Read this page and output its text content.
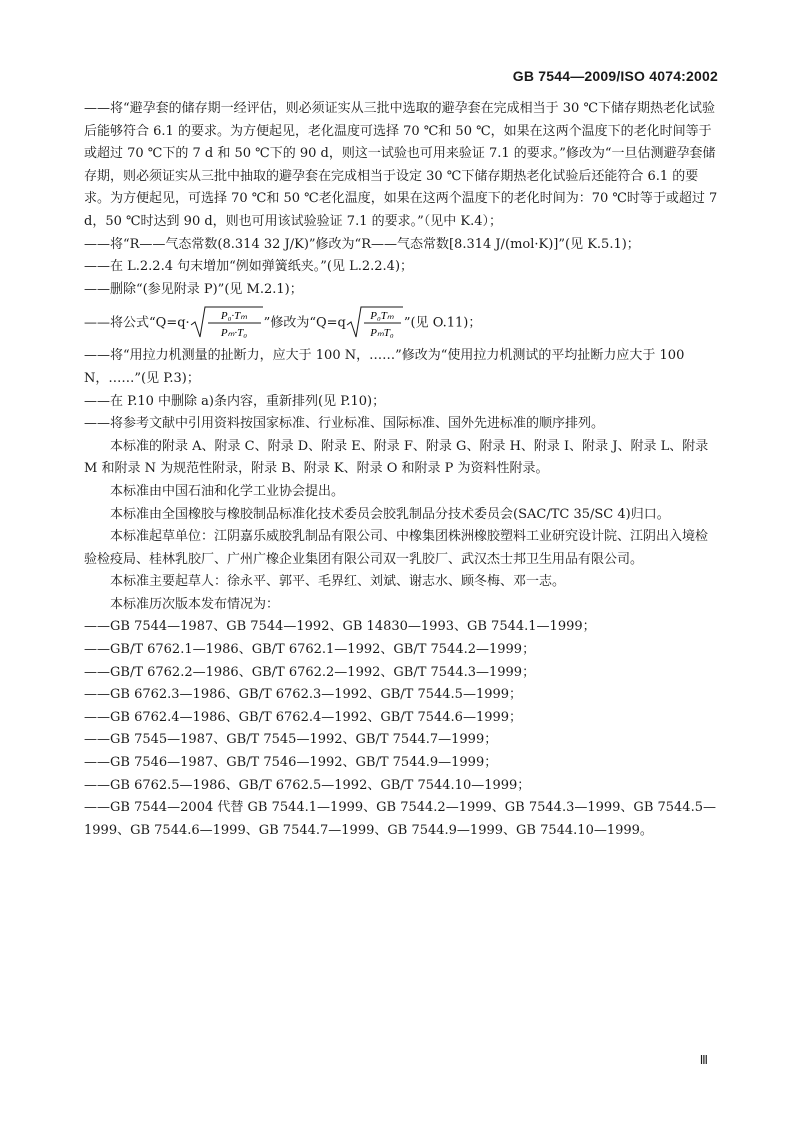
GB 7544—2009/ISO 4074:2002

——将“避孕套的储存期一经评估，则必须证实从三批中选取的避孕套在完成相当于 30 ℃下储存期热老化试验后能够符合 6.1 的要求。为方便起见，老化温度可选择 70 ℃和 50 ℃，如果在这两个温度下的老化时间等于或超过 70 ℃下的 7 d 和 50 ℃下的 90 d，则这一试验也可用来验证 7.1 的要求。”修改为“一旦估测避孕套储存期，则必须证实从三批中抽取的避孕套在完成相当于设定 30 ℃下储存期热老化试验后还能符合 6.1 的要求。为方便起见，可选择 70 ℃和 50 ℃老化温度，如果在这两个温度下的老化时间为：70 ℃时等于或超过 7 d，50 ℃时达到 90 d，则也可用该试验验证 7.1 的要求。”（见中 K.4）；

——将“R——气态常数(8.314 32 J/K)”修改为“R——气态常数[8.314 J/(mol·K)]”(见 K.5.1)；

——在 L.2.2.4 句末增加“例如弹簧纸夹。”(见 L.2.2.4)；

——删除“(参见附录 P)”(见 M.2.1)；

——将公式“Q=q·	P₀·Tₘ
Pₘ·T₀
”修改为“Q=q P₀Tₘ
PₘT₀
”(见 O.11)；

——将“用拉力机测量的扯断力，应大于 100 N，……”修改为“使用拉力机测试的平均扯断力应大于 100 N，……”(见 P.3)；

——在 P.10 中删除 a)条内容，重新排列(见 P.10)；

——将参考文献中引用资料按国家标准、行业标准、国际标准、国外先进标准的顺序排列。

本标准的附录 A、附录 C、附录 D、附录 E、附录 F、附录 G、附录 H、附录 I、附录 J、附录 L、附录 M 和附录 N 为规范性附录，附录 B、附录 K、附录 O 和附录 P 为资料性附录。

本标准由中国石油和化学工业协会提出。

本标准由全国橡胶与橡胶制品标准化技术委员会胶乳制品分技术委员会(SAC/TC 35/SC 4)归口。

本标准起草单位：江阴嘉乐威胶乳制品有限公司、中橡集团株洲橡胶塑料工业研究设计院、江阴出入境检验检疫局、桂林乳胶厂、广州广橡企业集团有限公司双一乳胶厂、武汉杰士邦卫生用品有限公司。

本标准主要起草人：徐永平、郭平、毛界红、刘斌、谢志水、顾冬梅、邓一志。

本标准历次版本发布情况为：

——GB 7544—1987、GB 7544—1992、GB 14830—1993、GB 7544.1—1999；

——GB/T 6762.1—1986、GB/T 6762.1—1992、GB/T 7544.2—1999；

——GB/T 6762.2—1986、GB/T 6762.2—1992、GB/T 7544.3—1999；

——GB 6762.3—1986、GB/T 6762.3—1992、GB/T 7544.5—1999；

——GB 6762.4—1986、GB/T 6762.4—1992、GB/T 7544.6—1999；

——GB 7545—1987、GB/T 7545—1992、GB/T 7544.7—1999；

——GB 7546—1987、GB/T 7546—1992、GB/T 7544.9—1999；

——GB 6762.5—1986、GB/T 6762.5—1992、GB/T 7544.10—1999；

——GB 7544—2004 代替 GB 7544.1—1999、GB 7544.2—1999、GB 7544.3—1999、GB 7544.5—1999、GB 7544.6—1999、GB 7544.7—1999、GB 7544.9—1999、GB 7544.10—1999。

Ⅲ
